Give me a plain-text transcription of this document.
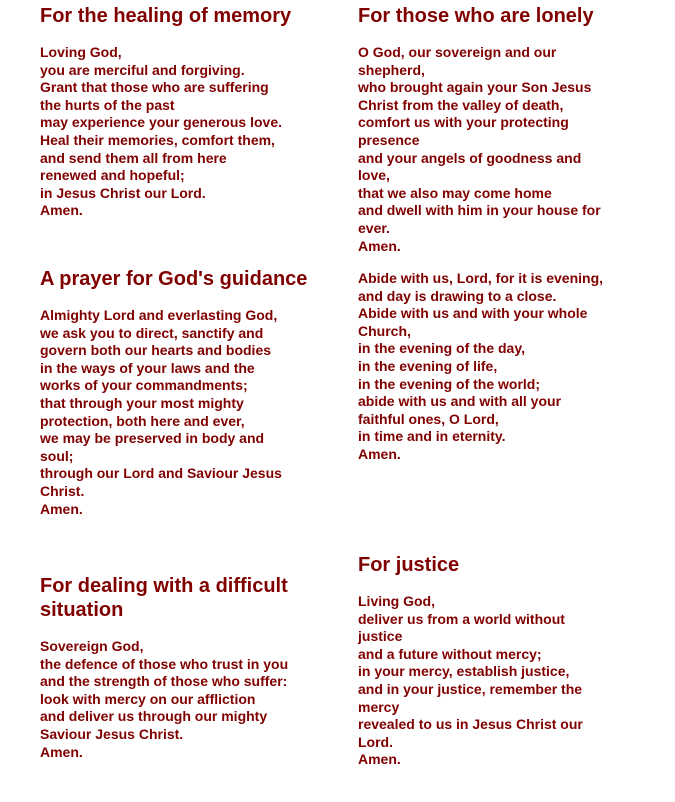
For the healing of memory
Loving God,
you are merciful and forgiving.
Grant that those who are suffering
the hurts of the past
may experience your generous love.
Heal their memories, comfort them,
and send them all from here
renewed and hopeful;
in Jesus Christ our Lord.
Amen.
For those who are lonely
O God, our sovereign and our
shepherd,
who brought again your Son Jesus
Christ from the valley of death,
comfort us with your protecting
presence
and your angels of goodness and
love,
that we also may come home
and dwell with him in your house for
ever.
Amen.
A prayer for God's guidance
Almighty Lord and everlasting God,
we ask you to direct, sanctify and
govern both our hearts and bodies
in the ways of your laws and the
works of your commandments;
that through your most mighty
protection, both here and ever,
we may be preserved in body and
soul;
through our Lord and Saviour Jesus
Christ.
Amen.
Abide with us, Lord, for it is evening,
and day is drawing to a close.
Abide with us and with your whole
Church,
in the evening of the day,
in the evening of life,
in the evening of the world;
abide with us and with all your
faithful ones, O Lord,
in time and in eternity.
Amen.
For dealing with a difficult situation
Sovereign God,
the defence of those who trust in you
and the strength of those who suffer:
look with mercy on our affliction
and deliver us through our mighty
Saviour Jesus Christ.
Amen.
For justice
Living God,
deliver us from a world without
justice
and a future without mercy;
in your mercy, establish justice,
and in your justice, remember the
mercy
revealed to us in Jesus Christ our
Lord.
Amen.
